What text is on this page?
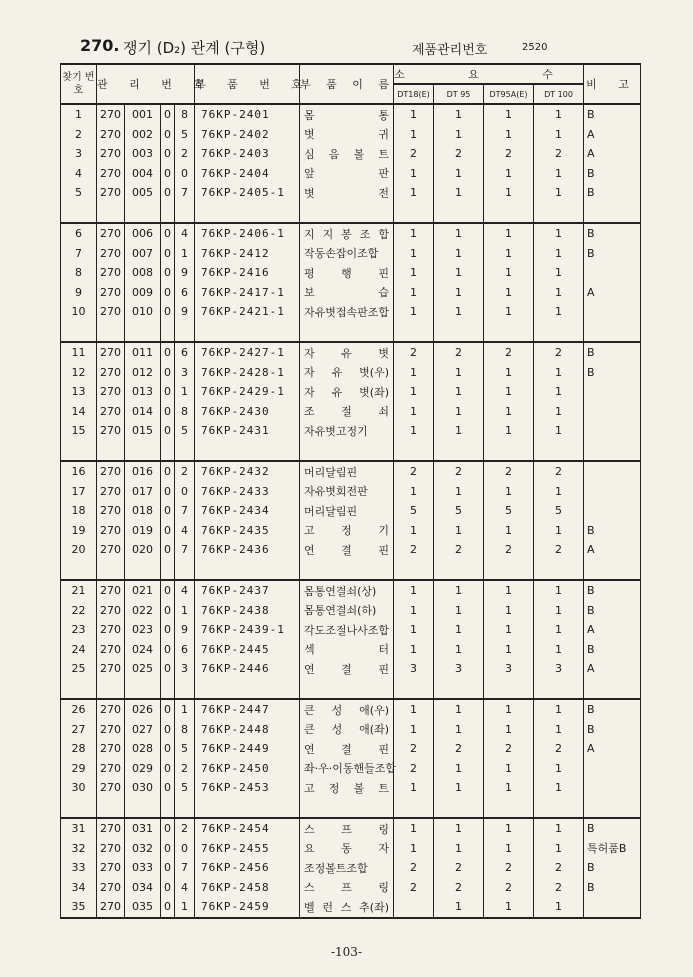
270. 쟁기 (D₂) 관계 (구형)	제품관리번호	2520
찾기 번호	관 리 번 호				부 품 번 호	부 품 이 름	소 요 수				비 고
							DT18(E)	DT 95	DT95A(E)	DT 100	
1	270	001	0	8	76KP-2401	몸 통	1	1	1	1	B
2	270	002	0	5	76KP-2402	볏 귀	1	1	1	1	A
3	270	003	0	2	76KP-2403	심 음 볼 트	2	2	2	2	A
4	270	004	0	0	76KP-2404	앞 판	1	1	1	1	B
5	270	005	0	7	76KP-2405-1	볏 전	1	1	1	1	B

6	270	006	0	4	76KP-2406-1	지 지 봉 조 합	1	1	1	1	B
7	270	007	0	1	76KP-2412	작동손잡이조합	1	1	1	1	B
8	270	008	0	9	76KP-2416	평 행 핀	1	1	1	1	
9	270	009	0	6	76KP-2417-1	보 습	1	1	1	1	A
10	270	010	0	9	76KP-2421-1	자유볏접속판조합	1	1	1	1	

11	270	011	0	6	76KP-2427-1	자 유 볏	2	2	2	2	B
12	270	012	0	3	76KP-2428-1	자 유 볏(우)	1	1	1	1	B
13	270	013	0	1	76KP-2429-1	자 유 볏(좌)	1	1	1	1	
14	270	014	0	8	76KP-2430	조 절 쇠	1	1	1	1	
15	270	015	0	5	76KP-2431	자유볏고정기	1	1	1	1	

16	270	016	0	2	76KP-2432	머리달림핀	2	2	2	2	
17	270	017	0	0	76KP-2433	자유볏회전판	1	1	1	1	
18	270	018	0	7	76KP-2434	머리달림핀	5	5	5	5	
19	270	019	0	4	76KP-2435	고 정 기	1	1	1	1	B
20	270	020	0	7	76KP-2436	연 결 핀	2	2	2	2	A

21	270	021	0	4	76KP-2437	몸통연결쇠(상)	1	1	1	1	B
22	270	022	0	1	76KP-2438	몸통연결쇠(하)	1	1	1	1	B
23	270	023	0	9	76KP-2439-1	각도조절나사조합	1	1	1	1	A
24	270	024	0	6	76KP-2445	섹 터	1	1	1	1	B
25	270	025	0	3	76KP-2446	연 결 핀	3	3	3	3	A

26	270	026	0	1	76KP-2447	큰 성 애(우)	1	1	1	1	B
27	270	027	0	8	76KP-2448	큰 성 애(좌)	1	1	1	1	B
28	270	028	0	5	76KP-2449	연 결 핀	2	2	2	2	A
29	270	029	0	2	76KP-2450	좌·우·이동핸들조합	2	1	1	1	
30	270	030	0	5	76KP-2453	고 정 볼 트	1	1	1	1	

31	270	031	0	2	76KP-2454	스 프 링	1	1	1	1	B
32	270	032	0	0	76KP-2455	요 동 자	1	1	1	1	특허품B
33	270	033	0	7	76KP-2456	조정볼트조합	2	2	2	2	B
34	270	034	0	4	76KP-2458	스 프 링	2	2	2	2	B
35	270	035	0	1	76KP-2459	벨 런 스 추(좌)		1	1	1	
-103-
